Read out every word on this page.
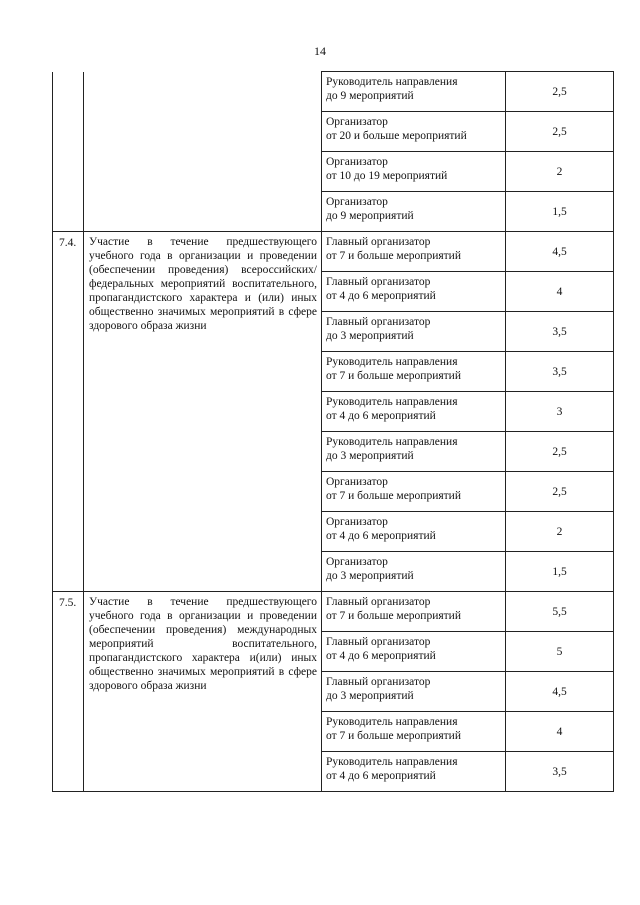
14

		Руководитель направления
до 9 мероприятий	2,5

		Организатор
от 20 и больше мероприятий	2,5

		Организатор
от 10 до 19 мероприятий	2

		Организатор
до 9 мероприятий	1,5

7.4.	Участие в течение предшествующего учебного года в организации и проведении (обеспечении проведения) всероссийских/федеральных мероприятий воспитательного, пропагандистского характера и (или) иных общественно значимых мероприятий в сфере здорового образа жизни	Главный организатор
от 7 и больше мероприятий	4,5

		Главный организатор
от 4 до 6 мероприятий	4

		Главный организатор
до 3 мероприятий	3,5

		Руководитель направления
от 7 и больше мероприятий	3,5

		Руководитель направления
от 4 до 6 мероприятий	3

		Руководитель направления
до 3 мероприятий	2,5

		Организатор
от 7 и больше мероприятий	2,5

		Организатор
от 4 до 6 мероприятий	2

		Организатор
до 3 мероприятий	1,5

7.5.	Участие в течение предшествующего учебного года в организации и проведении (обеспечении проведения) международных мероприятий воспитательного, пропагандистского характера и(или) иных общественно значимых мероприятий в сфере здорового образа жизни	Главный организатор
от 7 и больше мероприятий	5,5

		Главный организатор
от 4 до 6 мероприятий	5

		Главный организатор
до 3 мероприятий	4,5

		Руководитель направления
от 7 и больше мероприятий	4

		Руководитель направления
от 4 до 6 мероприятий	3,5
